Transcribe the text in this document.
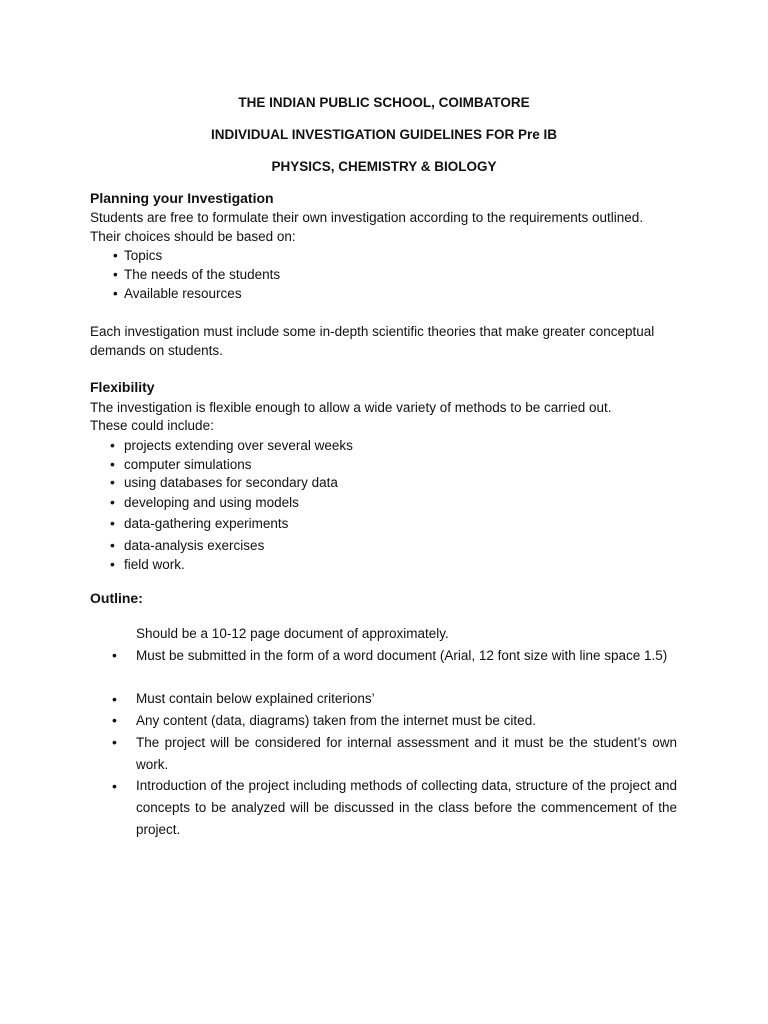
THE INDIAN PUBLIC SCHOOL, COIMBATORE
INDIVIDUAL INVESTIGATION GUIDELINES FOR Pre IB
PHYSICS, CHEMISTRY & BIOLOGY
Planning your Investigation
Students are free to formulate their own investigation according to the requirements outlined.
Their choices should be based on:
• Topics
• The needs of the students
• Available resources
Each investigation must include some in-depth scientific theories that make greater conceptual
demands on students.
Flexibility
The investigation is flexible enough to allow a wide variety of methods to be carried out.
These could include:
• projects extending over several weeks
• computer simulations
• using databases for secondary data
• developing and using models
• data-gathering experiments
• data-analysis exercises
• field work.
Outline:
Should be a 10-12 page document of approximately.
• Must be submitted in the form of a word document (Arial, 12 font size with line space 1.5)
• Must contain below explained criterions’
• Any content (data, diagrams) taken from the internet must be cited.
• The project will be considered for internal assessment and it must be the student’s own work.
• Introduction of the project including methods of collecting data, structure of the project and concepts to be analyzed will be discussed in the class before the commencement of the project.
